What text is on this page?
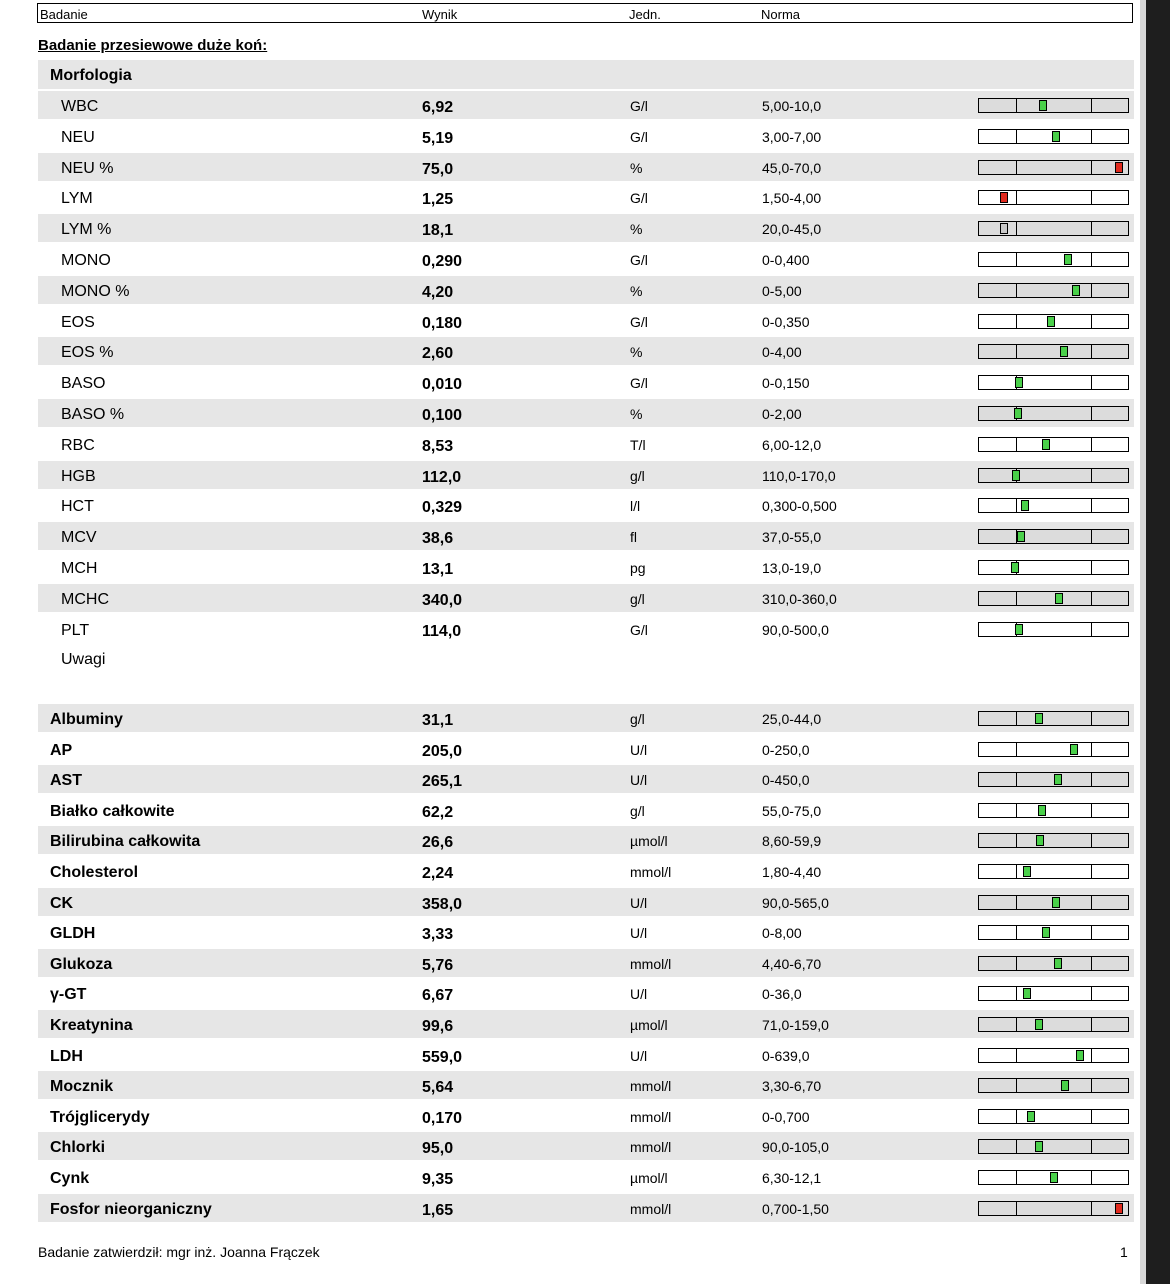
Badanie	Wynik	Jedn.	Norma
Badanie przesiewowe duże koń:
Morfologia
WBC	6,92	G/l	5,00-10,0
NEU	5,19	G/l	3,00-7,00
NEU %	75,0	%	45,0-70,0
LYM	1,25	G/l	1,50-4,00
LYM %	18,1	%	20,0-45,0
MONO	0,290	G/l	0-0,400
MONO %	4,20	%	0-5,00
EOS	0,180	G/l	0-0,350
EOS %	2,60	%	0-4,00
BASO	0,010	G/l	0-0,150
BASO %	0,100	%	0-2,00
RBC	8,53	T/l	6,00-12,0
HGB	112,0	g/l	110,0-170,0
HCT	0,329	l/l	0,300-0,500
MCV	38,6	fl	37,0-55,0
MCH	13,1	pg	13,0-19,0
MCHC	340,0	g/l	310,0-360,0
PLT	114,0	G/l	90,0-500,0
Uwagi
Albuminy	31,1	g/l	25,0-44,0
AP	205,0	U/l	0-250,0
AST	265,1	U/l	0-450,0
Białko całkowite	62,2	g/l	55,0-75,0
Bilirubina całkowita	26,6	µmol/l	8,60-59,9
Cholesterol	2,24	mmol/l	1,80-4,40
CK	358,0	U/l	90,0-565,0
GLDH	3,33	U/l	0-8,00
Glukoza	5,76	mmol/l	4,40-6,70
γ-GT	6,67	U/l	0-36,0
Kreatynina	99,6	µmol/l	71,0-159,0
LDH	559,0	U/l	0-639,0
Mocznik	5,64	mmol/l	3,30-6,70
Trójglicerydy	0,170	mmol/l	0-0,700
Chlorki	95,0	mmol/l	90,0-105,0
Cynk	9,35	µmol/l	6,30-12,1
Fosfor nieorganiczny	1,65	mmol/l	0,700-1,50
Badanie zatwierdził: mgr inż. Joanna Frączek	1
